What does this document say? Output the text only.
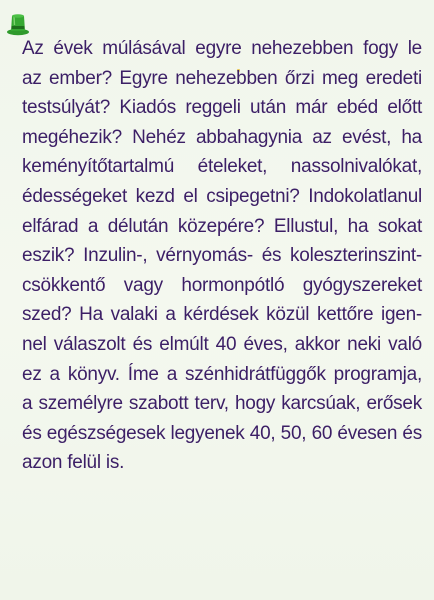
Az évek múlásával egyre nehezebben fogy le
az ember? Egyre nehezebben őrzi meg eredeti
testsúlyát? Kiadós reggeli után már ebéd előtt
megéhezik? Nehéz abbahagynia az evést, ha
keményítőtartalmú ételeket, nassolnivalókat,
édességeket kezd el csipegetni? Indokolatlanul
elfárad a délután közepére? Ellustul, ha sokat
eszik? Inzulin-, vérnyomás- és koleszterinszint-
csökkentő vagy hormonpótló gyógyszereket
szed? Ha valaki a kérdések közül kettőre igen-
nel válaszolt és elmúlt 40 éves, akkor neki való
ez a könyv. Íme a szénhidrátfüggők programja,
a személyre szabott terv, hogy karcsúak, erősek
és egészségesek legyenek 40, 50, 60 évesen és
azon felül is.
